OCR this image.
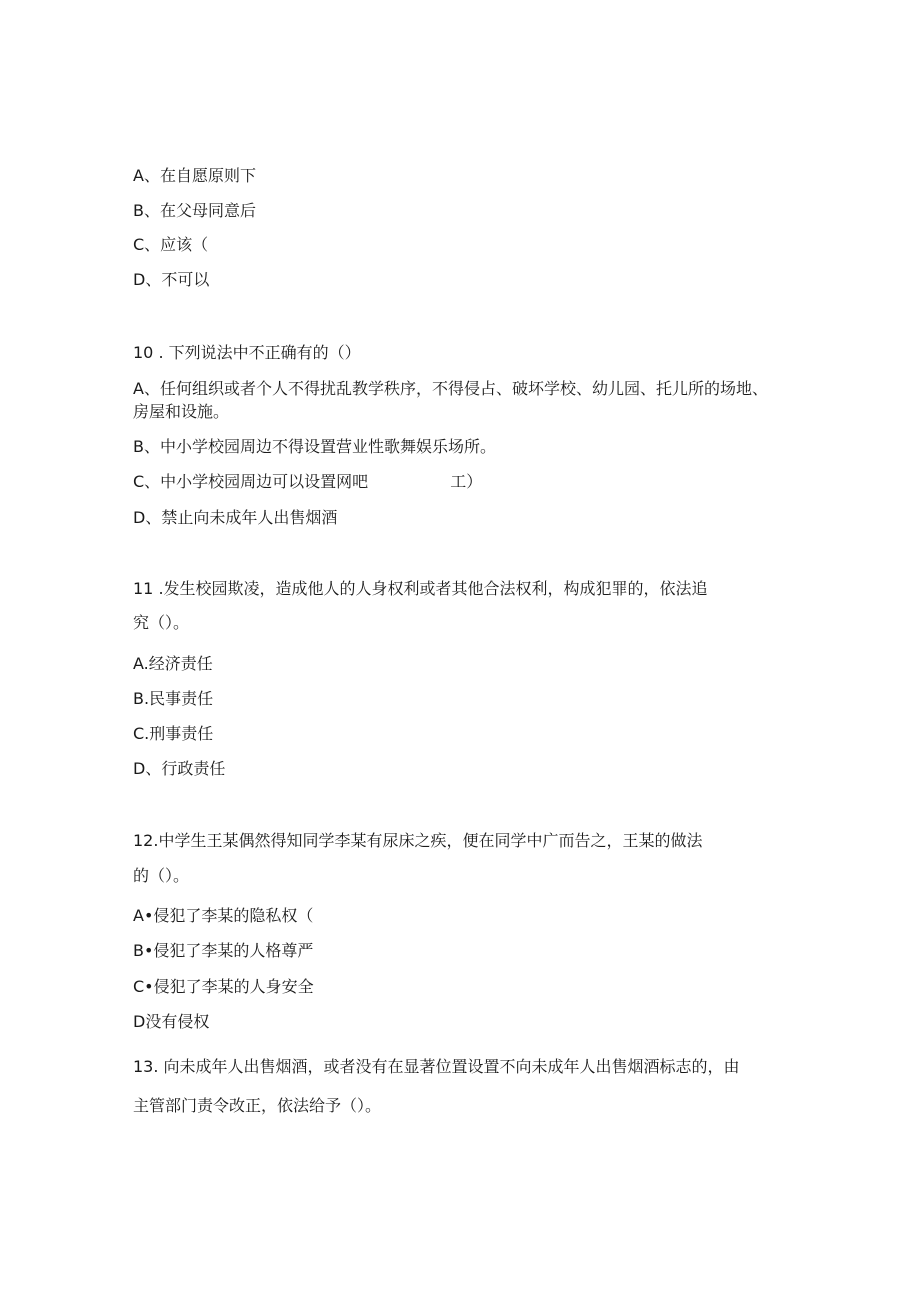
A、在自愿原则下
B、在父母同意后
C、应该（
D、不可以
10 . 下列说法中不正确有的（）
A、任何组织或者个人不得扰乱教学秩序，不得侵占、破坏学校、幼儿园、托儿所的场地、房屋和设施。
B、中小学校园周边不得设置营业性歌舞娱乐场所。
C、中小学校园周边可以设置网吧	工）
D、禁止向未成年人出售烟酒
11 .发生校园欺凌，造成他人的人身权利或者其他合法权利，构成犯罪的，依法追
究（）。
A.经济责任
B.民事责任
C.刑事责任
D、行政责任
12.中学生王某偶然得知同学李某有尿床之疾，便在同学中广而告之，王某的做法
的（）。
A•侵犯了李某的隐私权（
B•侵犯了李某的人格尊严
C•侵犯了李某的人身安全
D没有侵权
13. 向未成年人出售烟酒，或者没有在显著位置设置不向未成年人出售烟酒标志的，由
主管部门责令改正，依法给予（）。
